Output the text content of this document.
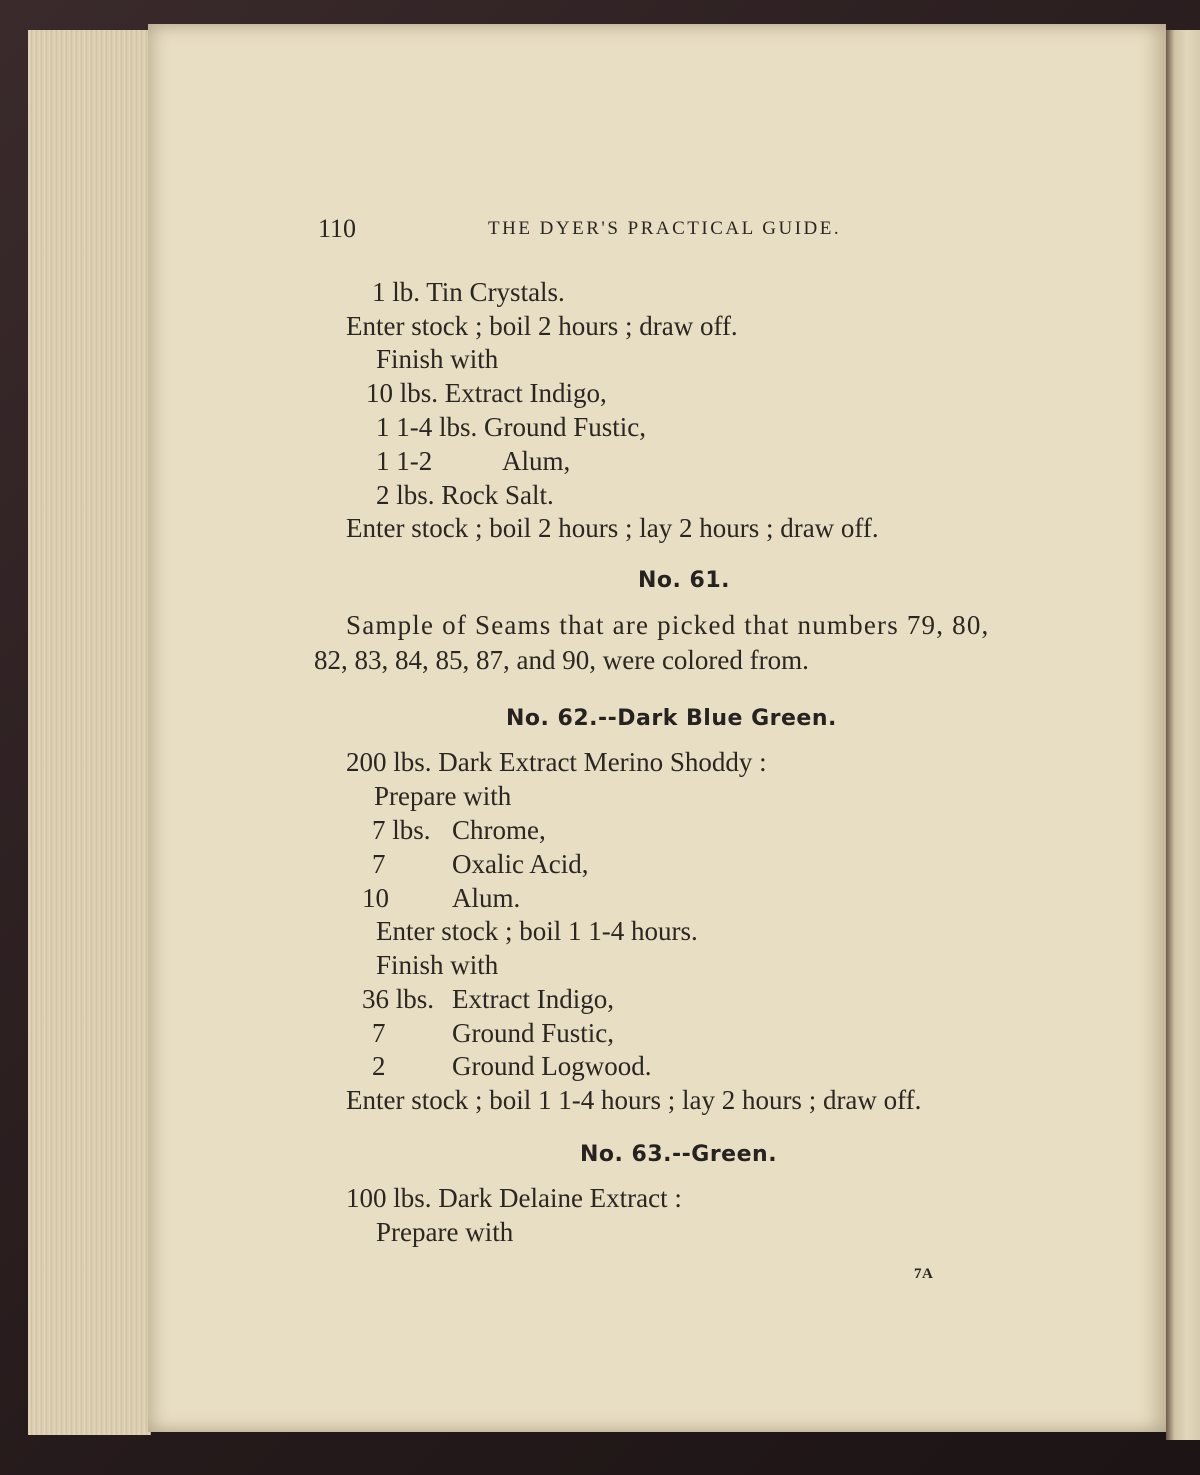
110	THE DYER'S PRACTICAL GUIDE.
1 lb. Tin Crystals.
Enter stock ; boil 2 hours ; draw off.
Finish with
10 lbs. Extract Indigo,
1 1-4 lbs. Ground Fustic,
1 1-2	Alum,
2 lbs. Rock Salt.
Enter stock ; boil 2 hours ; lay 2 hours ; draw off.
No. 61.
Sample of Seams that are picked that numbers 79, 80,
82, 83, 84, 85, 87, and 90, were colored from.
No. 62.--Dark Blue Green.
200 lbs. Dark Extract Merino Shoddy :
Prepare with
7 lbs. Chrome,
7 Oxalic Acid,
10 Alum.
Enter stock ; boil 1 1-4 hours.
Finish with
36 lbs. Extract Indigo,
7 Ground Fustic,
2 Ground Logwood.
Enter stock ; boil 1 1-4 hours ; lay 2 hours ; draw off.
No. 63.--Green.
100 lbs. Dark Delaine Extract :
Prepare with
7A
